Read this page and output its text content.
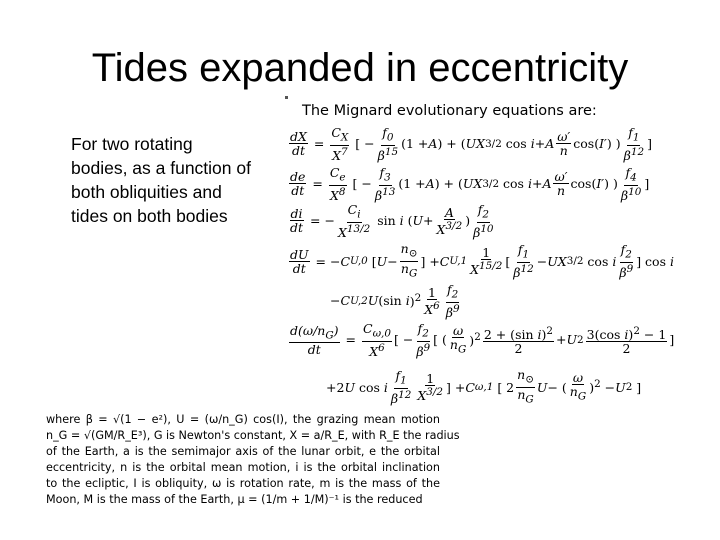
Tides expanded in eccentricity
For two rotating
bodies, as a function of
both obliquities and
tides on both bodies
The Mignard evolutionary equations are:
$\frac{dX}{dt} = \frac{C_X}{X^7}$ [ − $\frac{f_0}{\beta^{15}} (1 + A$ ) + ( UX 3/2 cos i + A $\frac{\omega'}{n} \cos$( I′ ) ) $\frac{f_1}{\beta^{12}}$ ]
$\frac{de}{dt} = \frac{C_e}{X^8}$ [ − $\frac{f_3}{\beta^{13}} (1 + A$ ) + ( UX 3/2 cos i + A $\frac{\omega'}{n} \cos$( I′ ) ) $\frac{f_4}{\beta^{10}}$ ]
$\frac{di}{dt}$ = − $\frac{C_i}{X^{13/2}}$ sin i ( $U + \frac{A}{X^{3/2}}$ ) $\frac{f_2}{\beta^{10}}$
$\frac{dU}{dt}$ = − C U,0 [ $U - \frac{n_⊙}{n_G}$ ] + C $U,1 \frac{1}{X^{15/2}}$ [ $\frac{f_1}{\beta^{12}}$ − UX 3/2 cos i $\frac{f_2}{\beta^9}$ ] cos i
− C U,2 U (sin i )$^2 \frac{1}{X^6} \frac{f_2}{\beta^9}$
$\frac{d(\omega/n_G)}{dt} = \frac{C_{\omega,0}}{X^6}$ [ − $\frac{f_2}{\beta^9}$ [ ( $\frac{\omega}{n_G} )^2 \frac{2 + (\sin i)^2}{2} + U$ $2 \frac{3(\cos i)^2 - 1}{2}$ ]
+2 U cos i $\frac{f_1}{\beta^{12}} \frac{1}{X^{3/2}}$ ] + C ω,1 [ $2 \frac{n_⊙}{n_G}$ U − ( $\frac{\omega}{n_G} )^2 - U$ 2 ]
where β = √(1 − e²), U = (ω/n_G) cos(I), the grazing mean motion
n_G = √(GM/R_E³), G is Newton's constant, X = a/R_E, with R_E the radius
of the Earth, a is the semimajor axis of the lunar orbit, e the orbital
eccentricity, n is the orbital mean motion, i is the orbital inclination
to the ecliptic, I is obliquity, ω is rotation rate, m is the mass of the
Moon, M is the mass of the Earth, μ = (1/m + 1/M)⁻¹ is the reduced
